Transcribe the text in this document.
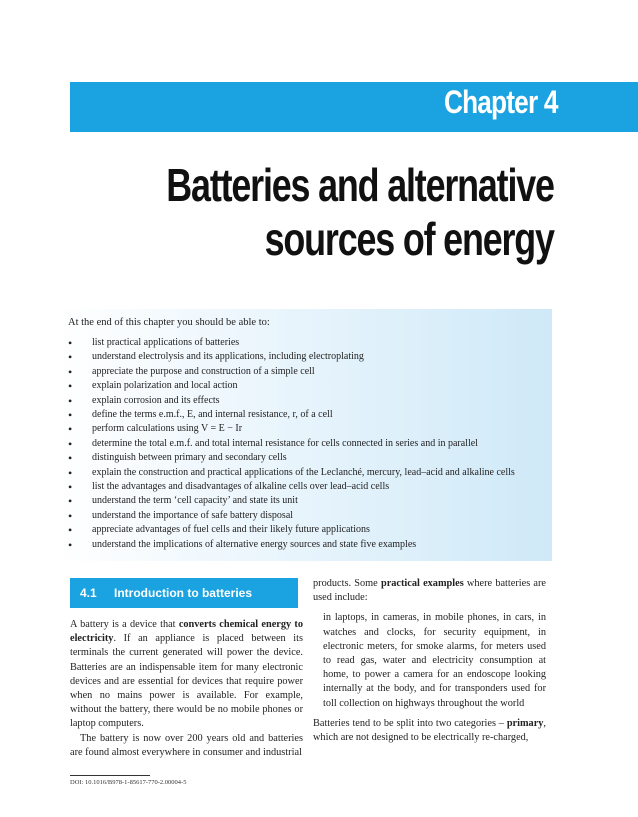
Chapter 4
Batteries and alternative
sources of energy
At the end of this chapter you should be able to:
• list practical applications of batteries
• understand electrolysis and its applications, including electroplating
• appreciate the purpose and construction of a simple cell
• explain polarization and local action
• explain corrosion and its effects
• define the terms e.m.f., E, and internal resistance, r, of a cell
• perform calculations using V = E − Ir
• determine the total e.m.f. and total internal resistance for cells connected in series and in parallel
• distinguish between primary and secondary cells
• explain the construction and practical applications of the Leclanché, mercury, lead–acid and alkaline cells
• list the advantages and disadvantages of alkaline cells over lead–acid cells
• understand the term ‘cell capacity’ and state its unit
• understand the importance of safe battery disposal
• appreciate advantages of fuel cells and their likely future applications
• understand the implications of alternative energy sources and state five examples
4.1 Introduction to batteries

A battery is a device that converts chemical energy to electricity. If an appliance is placed between its terminals the current generated will power the device. Batteries are an indispensable item for many electronic devices and are essential for devices that require power when no mains power is available. For example, without the battery, there would be no mobile phones or laptop computers.

The battery is now over 200 years old and batteries are found almost everywhere in consumer and industrial

DOI: 10.1016/B978-1-85617-770-2.00004-5

products. Some practical examples where batteries are used include:

in laptops, in cameras, in mobile phones, in cars, in watches and clocks, for security equipment, in electronic meters, for smoke alarms, for meters used to read gas, water and electricity consumption at home, to power a camera for an endoscope looking internally at the body, and for transponders used for toll collection on highways throughout the world

Batteries tend to be split into two categories – primary, which are not designed to be electrically re-charged,
